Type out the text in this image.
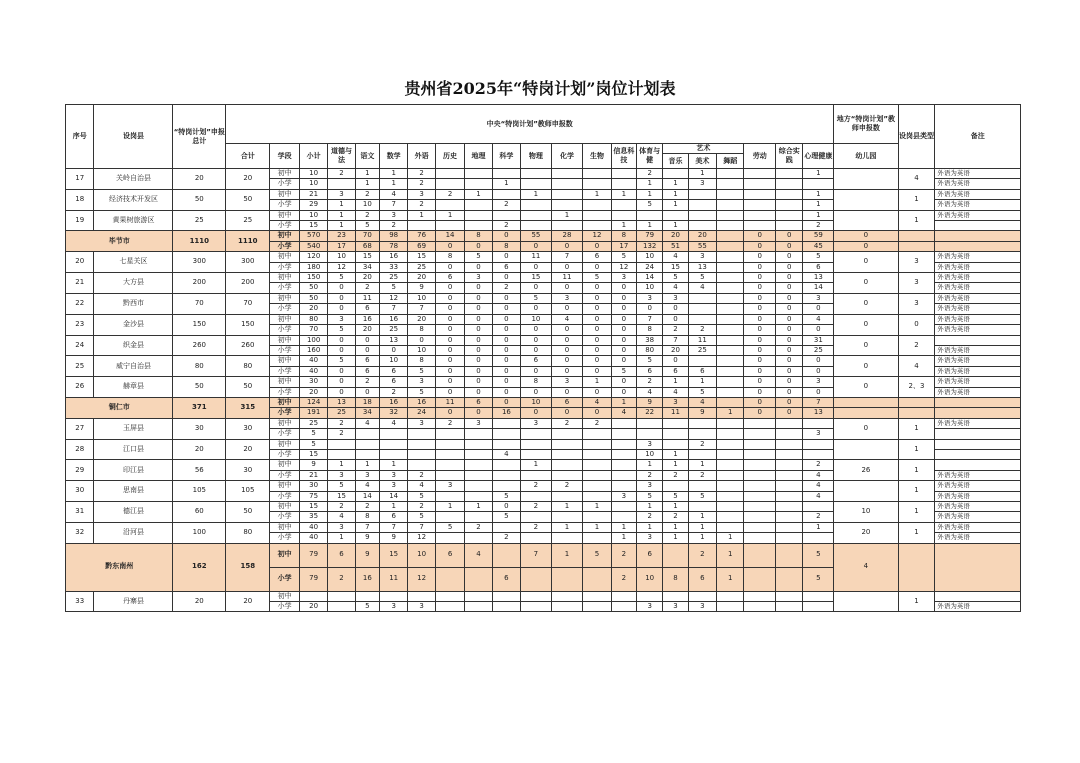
贵州省2025年“特岗计划”岗位计划表
序号	设岗县	“特岗计划”申报总计	中央“特岗计划”教师申报数																					地方“特岗计划”教师申报数	设岗县类型	备注
			合计	学段	小计	道德与法	语文	数学	外语	历史	地理	科学	物理	化学	生物	信息科技	体育与健	艺术			劳动	综合实践	心理健康	幼儿园		
																		音乐	美术	舞蹈						
17	关岭自治县	20	20	初中	10	2	1	1	2								2		1				1		4	外语为英语
				小学	10		1	1	2			1					1	1	3							外语为英语
18	经济技术开发区	50	50	初中	21	3	2	4	3	2	1		1		1	1	1	1					1		1	外语为英语
				小学	29	1	10	7	2			2					5	1					1			外语为英语
19	黄果树旅游区	25	25	初中	10	1	2	3	1	1				1									1		1	外语为英语
				小学	15	1	5	2				2				1	1	1					2			
毕节市		1110	1110	初中	570	23	70	98	76	14	8	0	55	28	12	8	79	20	20		0	0	59	0		
				小学	540	17	68	78	69	0	0	8	0	0	0	17	132	51	55		0	0	45	0		
20	七星关区	300	300	初中	120	10	15	16	15	8	5	0	11	7	6	5	10	4	3		0	0	5	0	3	外语为英语
				小学	180	12	34	33	25	0	0	6	0	0	0	12	24	15	13		0	0	6			外语为英语
21	大方县	200	200	初中	150	5	20	25	20	6	3	0	15	11	5	3	14	5	5		0	0	13	0	3	外语为英语
				小学	50	0	2	5	9	0	0	2	0	0	0	0	10	4	4		0	0	14			外语为英语
22	黔西市	70	70	初中	50	0	11	12	10	0	0	0	5	3	0	0	3	3			0	0	3	0	3	外语为英语
				小学	20	0	6	7	7	0	0	0	0	0	0	0	0	0			0	0	0			外语为英语
23	金沙县	150	150	初中	80	3	16	16	20	0	0	0	10	4	0	0	7	0			0	0	4	0	0	外语为英语
				小学	70	5	20	25	8	0	0	0	0	0	0	0	8	2	2		0	0	0			外语为英语
24	织金县	260	260	初中	100	0	0	13	0	0	0	0	0	0	0	0	38	7	11		0	0	31	0	2	
				小学	160	0	0	0	10	0	0	0	0	0	0	0	80	20	25		0	0	25			外语为英语
25	威宁自治县	80	80	初中	40	5	6	10	8	0	0	0	6	0	0	0	5	0			0	0	0	0	4	外语为英语
				小学	40	0	6	6	5	0	0	0	0	0	0	5	6	6	6		0	0	0			外语为英语
26	赫章县	50	50	初中	30	0	2	6	3	0	0	0	8	3	1	0	2	1	1		0	0	3	0	2、3	外语为英语
				小学	20	0	0	2	5	0	0	0	0	0	0	0	4	4	5		0	0	0			外语为英语
铜仁市		371	315	初中	124	13	18	16	16	11	6	0	10	6	4	1	9	3	4		0	0	7			
				小学	191	25	34	32	24	0	0	16	0	0	0	4	22	11	9	1	0	0	13			
27	玉屏县	30	30	初中	25	2	4	4	3	2	3		3	2	2									0	1	外语为英语
				小学	5	2																	3			
28	江口县	20	20	初中	5												3		2						1	
				小学	15							4					10	1								
29	印江县	56	30	初中	9	1	1	1					1				1	1	1				2	26	1	
				小学	21	3	3	3	2								2	2	2				4			外语为英语
30	思南县	105	105	初中	30	5	4	3	4	3			2	2			3						4		1	外语为英语
				小学	75	15	14	14	5			5				3	5	5	5				4			外语为英语
31	德江县	60	50	初中	15	2	2	1	2	1	1	0	2	1	1		1	1						10	1	外语为英语
				小学	35	4	8	6	5			5					2	2	1				2			外语为英语
32	沿河县	100	80	初中	40	3	7	7	7	5	2		2	1	1	1	1	1	1				1	20	1	外语为英语
				小学	40	1	9	9	12			2				1	3	1	1	1						外语为英语
黔东南州		162	158	初中	79	6	9	15	10	6	4		7	1	5	2	6		2	1			5	4		
				小学	79	2	16	11	12			6				2	10	8	6	1			5			
33	丹寨县	20	20	初中																					1	
				小学	20		5	3	3								3	3	3							外语为英语
